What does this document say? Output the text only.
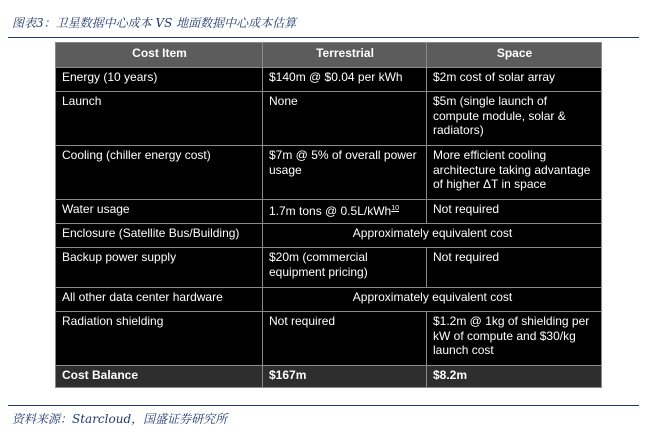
图表3：卫星数据中心成本 VS 地面数据中心成本估算
Cost Item	Terrestrial	Space
Energy (10 years)	$140m @ $0.04 per kWh	$2m cost of solar array
Launch	None	$5m (single launch of compute module, solar & radiators)
Cooling (chiller energy cost)	$7m @ 5% of overall power usage	More efficient cooling architecture taking advantage of higher ΔT in space
Water usage	1.7m tons @ 0.5L/kWh$^{10}$	Not required
Enclosure (Satellite Bus/Building)	Approximately equivalent cost	
Backup power supply	$20m (commercial equipment pricing)	Not required
All other data center hardware	Approximately equivalent cost	
Radiation shielding	Not required	$1.2m @ 1kg of shielding per kW of compute and $30/kg launch cost
Cost Balance	$167m	$8.2m
资料来源：Starcloud，国盛证券研究所
